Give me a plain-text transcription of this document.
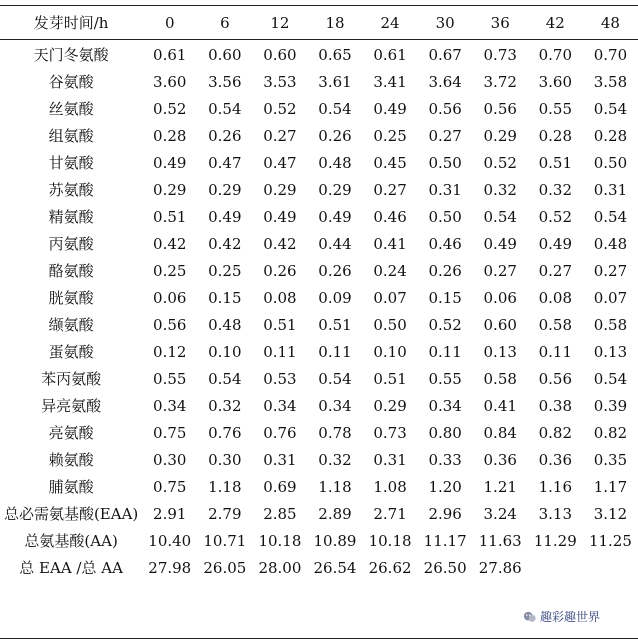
发芽时间/h	0	6	12	18	24	30	36	42	48
天门冬氨酸	0.61	0.60	0.60	0.65	0.61	0.67	0.73	0.70	0.70
谷氨酸	3.60	3.56	3.53	3.61	3.41	3.64	3.72	3.60	3.58
丝氨酸	0.52	0.54	0.52	0.54	0.49	0.56	0.56	0.55	0.54
组氨酸	0.28	0.26	0.27	0.26	0.25	0.27	0.29	0.28	0.28
甘氨酸	0.49	0.47	0.47	0.48	0.45	0.50	0.52	0.51	0.50
苏氨酸	0.29	0.29	0.29	0.29	0.27	0.31	0.32	0.32	0.31
精氨酸	0.51	0.49	0.49	0.49	0.46	0.50	0.54	0.52	0.54
丙氨酸	0.42	0.42	0.42	0.44	0.41	0.46	0.49	0.49	0.48
酪氨酸	0.25	0.25	0.26	0.26	0.24	0.26	0.27	0.27	0.27
胱氨酸	0.06	0.15	0.08	0.09	0.07	0.15	0.06	0.08	0.07
缬氨酸	0.56	0.48	0.51	0.51	0.50	0.52	0.60	0.58	0.58
蛋氨酸	0.12	0.10	0.11	0.11	0.10	0.11	0.13	0.11	0.13
苯丙氨酸	0.55	0.54	0.53	0.54	0.51	0.55	0.58	0.56	0.54
异亮氨酸	0.34	0.32	0.34	0.34	0.29	0.34	0.41	0.38	0.39
亮氨酸	0.75	0.76	0.76	0.78	0.73	0.80	0.84	0.82	0.82
赖氨酸	0.30	0.30	0.31	0.32	0.31	0.33	0.36	0.36	0.35
脯氨酸	0.75	1.18	0.69	1.18	1.08	1.20	1.21	1.16	1.17
总必需氨基酸(EAA)	2.91	2.79	2.85	2.89	2.71	2.96	3.24	3.13	3.12
总氨基酸(AA)	10.40	10.71	10.18	10.89	10.18	11.17	11.63	11.29	11.25
总 EAA /总 AA	27.98	26.05	28.00	26.54	26.62	26.50	27.86		
趣彩趣世界
